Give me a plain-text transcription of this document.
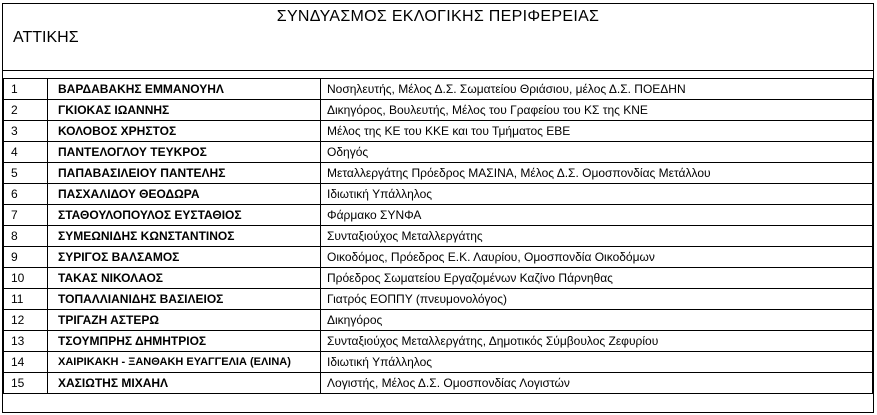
ΣΥΝΔΥΑΣΜΟΣ ΕΚΛΟΓΙΚΗΣ ΠΕΡΙΦΕΡΕΙΑΣ
ΑΤΤΙΚΗΣ
1	ΒΑΡΔΑΒΑΚΗΣ ΕΜΜΑΝΟΥΗΛ	Νοσηλευτής, Μέλος Δ.Σ. Σωματείου Θριάσιου, μέλος Δ.Σ. ΠΟΕΔΗΝ
2	ΓΚΙΟΚΑΣ ΙΩΑΝΝΗΣ	Δικηγόρος, Βουλευτής, Μέλος του Γραφείου του ΚΣ της ΚΝΕ
3	ΚΟΛΟΒΟΣ ΧΡΗΣΤΟΣ	Μέλος της ΚΕ του ΚΚΕ και του Τμήματος ΕΒΕ
4	ΠΑΝΤΕΛΟΓΛΟΥ ΤΕΥΚΡΟΣ	Οδηγός
5	ΠΑΠΑΒΑΣΙΛΕΙΟΥ ΠΑΝΤΕΛΗΣ	Μεταλλεργάτης Πρόεδρος ΜΑΣΙΝΑ, Μέλος Δ.Σ. Ομοσπονδίας Μετάλλου
6	ΠΑΣΧΑΛΙΔΟΥ ΘΕΟΔΩΡΑ	Ιδιωτική Υπάλληλος
7	ΣΤΑΘΟΥΛΟΠΟΥΛΟΣ ΕΥΣΤΑΘΙΟΣ	Φάρμακο ΣΥΝΦΑ
8	ΣΥΜΕΩΝΙΔΗΣ ΚΩΝΣΤΑΝΤΙΝΟΣ	Συνταξιούχος Μεταλλεργάτης
9	ΣΥΡΙΓΟΣ ΒΑΛΣΑΜΟΣ	Οικοδόμος, Πρόεδρος Ε.Κ. Λαυρίου, Ομοσπονδία Οικοδόμων
10	ΤΑΚΑΣ ΝΙΚΟΛΑΟΣ	Πρόεδρος Σωματείου Εργαζομένων Καζίνο Πάρνηθας
11	ΤΟΠΑΛΛΙΑΝΙΔΗΣ ΒΑΣΙΛΕΙΟΣ	Γιατρός ΕΟΠΠΥ (πνευμονολόγος)
12	ΤΡΙΓΑΖΗ ΑΣΤΕΡΩ	Δικηγόρος
13	ΤΣΟΥΜΠΡΗΣ ΔΗΜΗΤΡΙΟΣ	Συνταξιούχος Μεταλλεργάτης, Δημοτικός Σύμβουλος Ζεφυρίου
14	ΧΑΙΡΙΚΑΚΗ - ΞΑΝΘΑΚΗ ΕΥΑΓΓΕΛΙΑ (ΕΛΙΝΑ)	Ιδιωτική Υπάλληλος
15	ΧΑΣΙΩΤΗΣ ΜΙΧΑΗΛ	Λογιστής, Μέλος Δ.Σ. Ομοσπονδίας Λογιστών
